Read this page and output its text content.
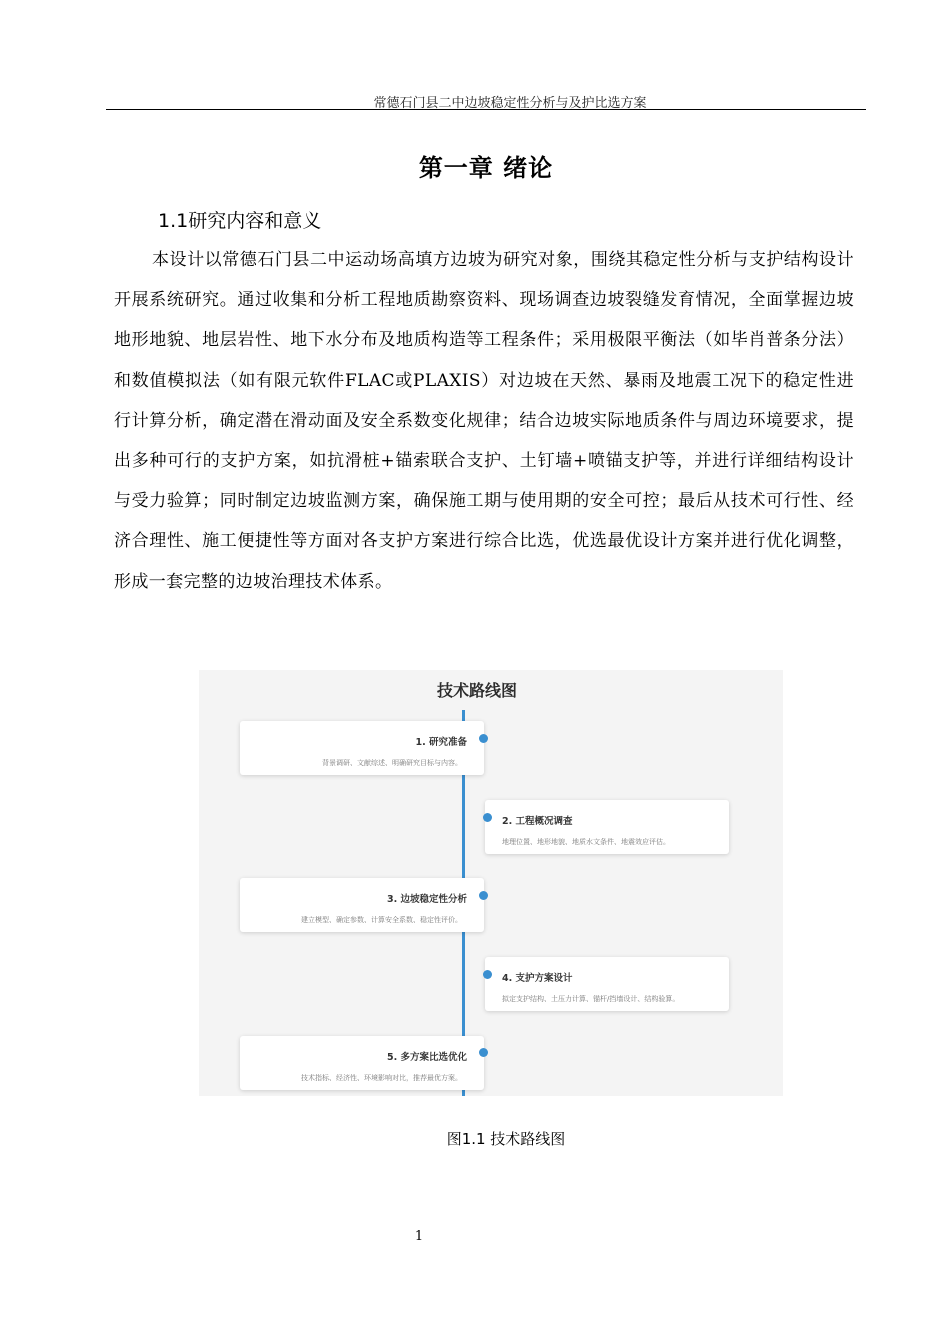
常德石门县二中边坡稳定性分析与及护比选方案
第一章 绪论
1.1研究内容和意义

本设计以常德石门县二中运动场高填方边坡为研究对象，围绕其稳定性分析与支护结构设计开展系统研究。通过收集和分析工程地质勘察资料、现场调查边坡裂缝发育情况，全面掌握边坡地形地貌、地层岩性、地下水分布及地质构造等工程条件；采用极限平衡法（如毕肖普条分法）和数值模拟法（如有限元软件FLAC或PLAXIS）对边坡在天然、暴雨及地震工况下的稳定性进行计算分析，确定潜在滑动面及安全系数变化规律；结合边坡实际地质条件与周边环境要求，提出多种可行的支护方案，如抗滑桩+锚索联合支护、土钉墙+喷锚支护等，并进行详细结构设计与受力验算；同时制定边坡监测方案，确保施工期与使用期的安全可控；最后从技术可行性、经济合理性、施工便捷性等方面对各支护方案进行综合比选，优选最优设计方案并进行优化调整，形成一套完整的边坡治理技术体系。

技术路线图
1. 研究准备
背景调研、文献综述、明确研究目标与内容。
2. 工程概况调查
地理位置、地形地貌、地质水文条件、地震效应评估。
3. 边坡稳定性分析
建立模型、确定参数、计算安全系数、稳定性评价。
4. 支护方案设计
拟定支护结构、土压力计算、锚杆/挡墙设计、结构验算。
5. 多方案比选优化
技术指标、经济性、环境影响对比，推荐最优方案。
图1.1 技术路线图
1
